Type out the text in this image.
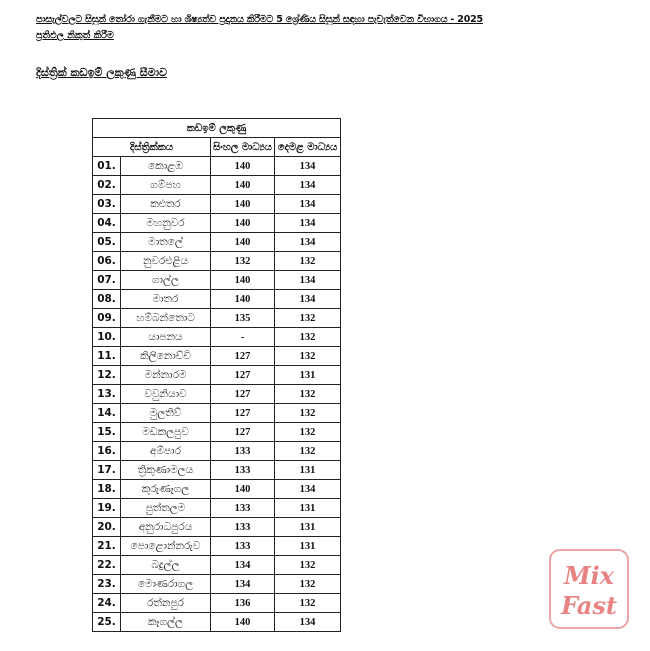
පාසැල්වලට සිසුන් තෝරා ගැනීමට හා ශිෂ්‍යත්ව ප්‍රදානය කිරීමට 5 ශ්‍රේණිය සිසුන් සඳහා පැවැත්වෙන විභාගය - 2025
ප්‍රතිඵල නිකුත් කිරීම
දිස්ත්‍රික් කඩඉම් ලකුණු සීමාව
කඩඉම් ලකුණු			
දිස්ත්‍රික්කය		සිංහල මාධ්‍යය	දෙමළ මාධ්‍යය
01.	කොළඹ	140	134
02.	ගම්පහ	140	134
03.	කළුතර	140	134
04.	මහනුවර	140	134
05.	මාතලේ	140	134
06.	නුවරඑළිය	132	132
07.	ගාල්ල	140	134
08.	මාතර	140	134
09.	හම්බන්තොට	135	132
10.	යාපනය	-	132
11.	කිලිනොච්චි	127	132
12.	මන්නාරම	127	131
13.	වවුනියාව	127	132
14.	මුලතිව්	127	132
15.	මඩකලපුව	127	132
16.	අම්පාර	133	132
17.	ත්‍රිකුණාමලය	133	131
18.	කුරුණෑගල	140	134
19.	පුත්තලම	133	131
20.	අනුරාධපුරය	133	131
21.	පොළොන්නරුව	133	131
22.	බදුල්ල	134	132
23.	මොණරාගල	134	132
24.	රත්නපුර	136	132
25.	කෑගල්ල	140	134
Mix
Fast
